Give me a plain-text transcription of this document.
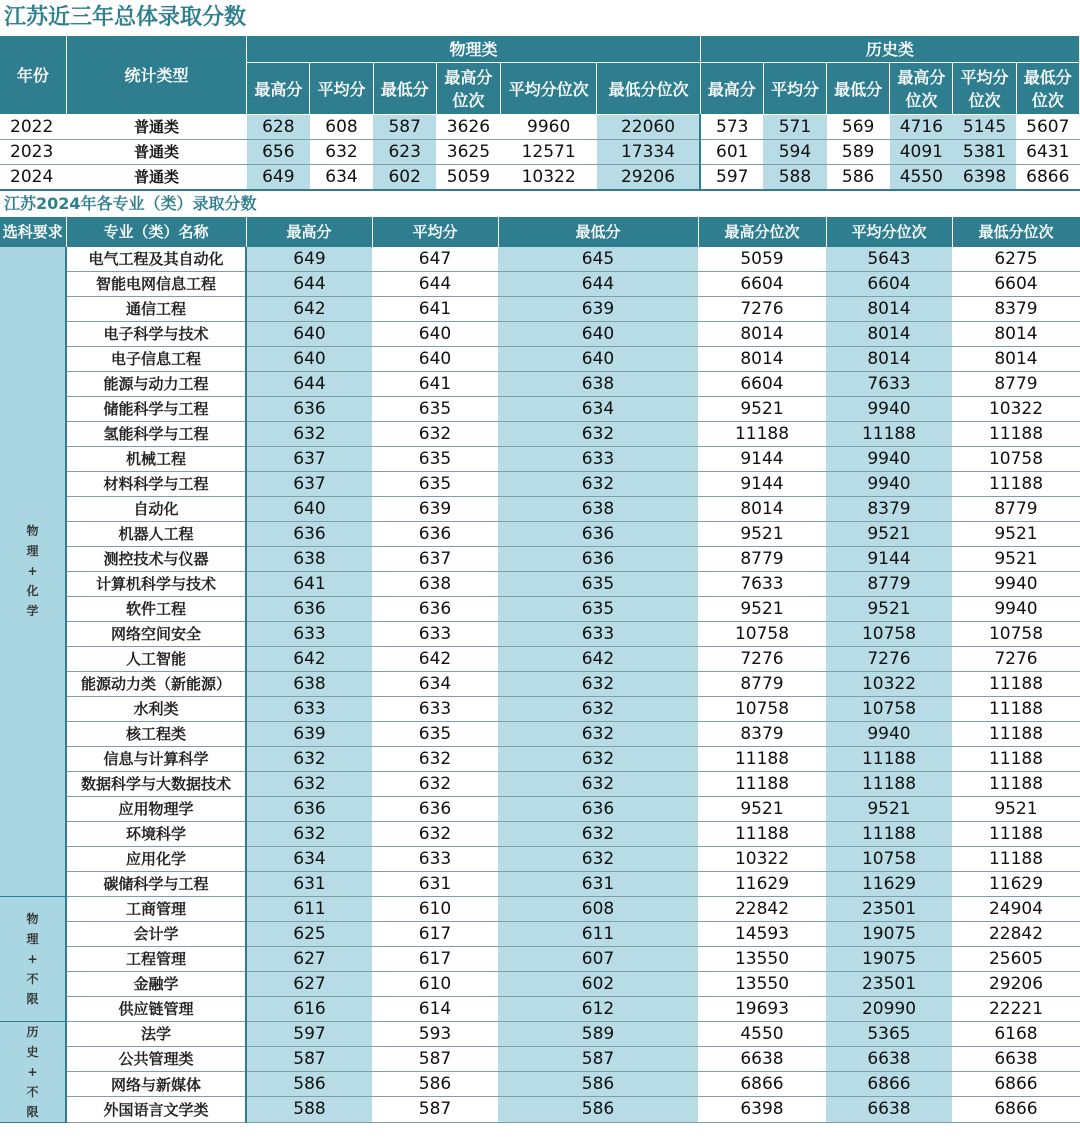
江苏近三年总体录取分数
年份	统计类型	物理类						历史类					
		最高分	平均分	最低分	最高分位次	平均分位次	最低分位次	最高分	平均分	最低分	最高分位次	平均分位次	最低分位次
2022	普通类	628	608	587	3626	9960	22060	573	571	569	4716	5145	5607
2023	普通类	656	632	623	3625	12571	17334	601	594	589	4091	5381	6431
2024	普通类	649	634	602	5059	10322	29206	597	588	586	4550	6398	6866
江苏2024年各专业（类）录取分数
选科要求	专业（类）名称	最高分	平均分	最低分	最高分位次	平均分位次	最低分位次

物
理
+
化
学	电气工程及其自动化	649	647	645	5059	5643	6275
	智能电网信息工程	644	644	644	6604	6604	6604
	通信工程	642	641	639	7276	8014	8379
	电子科学与技术	640	640	640	8014	8014	8014
	电子信息工程	640	640	640	8014	8014	8014
	能源与动力工程	644	641	638	6604	7633	8779
	储能科学与工程	636	635	634	9521	9940	10322
	氢能科学与工程	632	632	632	11188	11188	11188
	机械工程	637	635	633	9144	9940	10758
	材料科学与工程	637	635	632	9144	9940	11188
	自动化	640	639	638	8014	8379	8779
	机器人工程	636	636	636	9521	9521	9521
	测控技术与仪器	638	637	636	8779	9144	9521
	计算机科学与技术	641	638	635	7633	8779	9940
	软件工程	636	636	635	9521	9521	9940
	网络空间安全	633	633	633	10758	10758	10758
	人工智能	642	642	642	7276	7276	7276
	能源动力类（新能源）	638	634	632	8779	10322	11188
	水利类	633	633	632	10758	10758	11188
	核工程类	639	635	632	8379	9940	11188
	信息与计算科学	632	632	632	11188	11188	11188
	数据科学与大数据技术	632	632	632	11188	11188	11188
	应用物理学	636	636	636	9521	9521	9521
	环境科学	632	632	632	11188	11188	11188
	应用化学	634	633	632	10322	10758	11188
	碳储科学与工程	631	631	631	11629	11629	11629

物
理
+
不
限	工商管理	611	610	608	22842	23501	24904
	会计学	625	617	611	14593	19075	22842
	工程管理	627	617	607	13550	19075	25605
	金融学	627	610	602	13550	23501	29206
	供应链管理	616	614	612	19693	20990	22221

历
史
+
不
限	法学	597	593	589	4550	5365	6168
	公共管理类	587	587	587	6638	6638	6638
	网络与新媒体	586	586	586	6866	6866	6866
	外国语言文学类	588	587	586	6398	6638	6866
